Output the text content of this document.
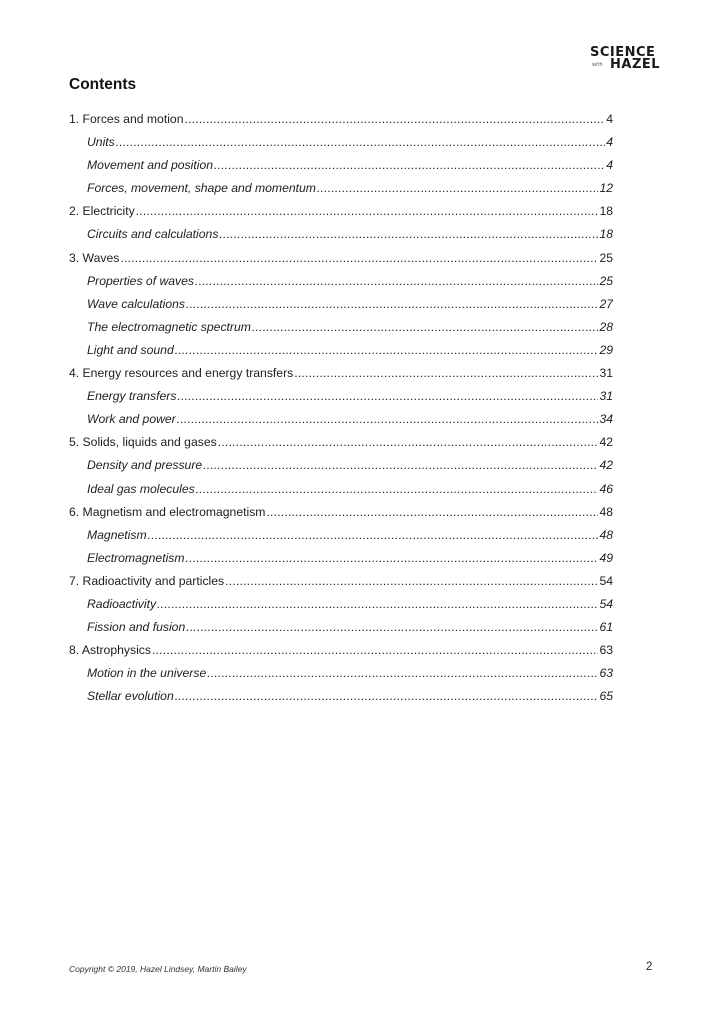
SCIENCE
with HAZEL
Contents
1. Forces and motion .....	4
Units .....	4
Movement and position .....	4
Forces, movement, shape and momentum .....	12
2. Electricity .....	18
Circuits and calculations .....	18
3. Waves .....	25
Properties of waves .....	25
Wave calculations .....	27
The electromagnetic spectrum .....	28
Light and sound .....	29
4. Energy resources and energy transfers .....	31
Energy transfers .....	31
Work and power .....	34
5. Solids, liquids and gases .....	42
Density and pressure .....	42
Ideal gas molecules .....	46
6. Magnetism and electromagnetism .....	48
Magnetism .....	48
Electromagnetism .....	49
7. Radioactivity and particles .....	54
Radioactivity .....	54
Fission and fusion .....	61
8. Astrophysics .....	63
Motion in the universe .....	63
Stellar evolution .....	65
Copyright © 2019, Hazel Lindsey, Martin Bailey	2
